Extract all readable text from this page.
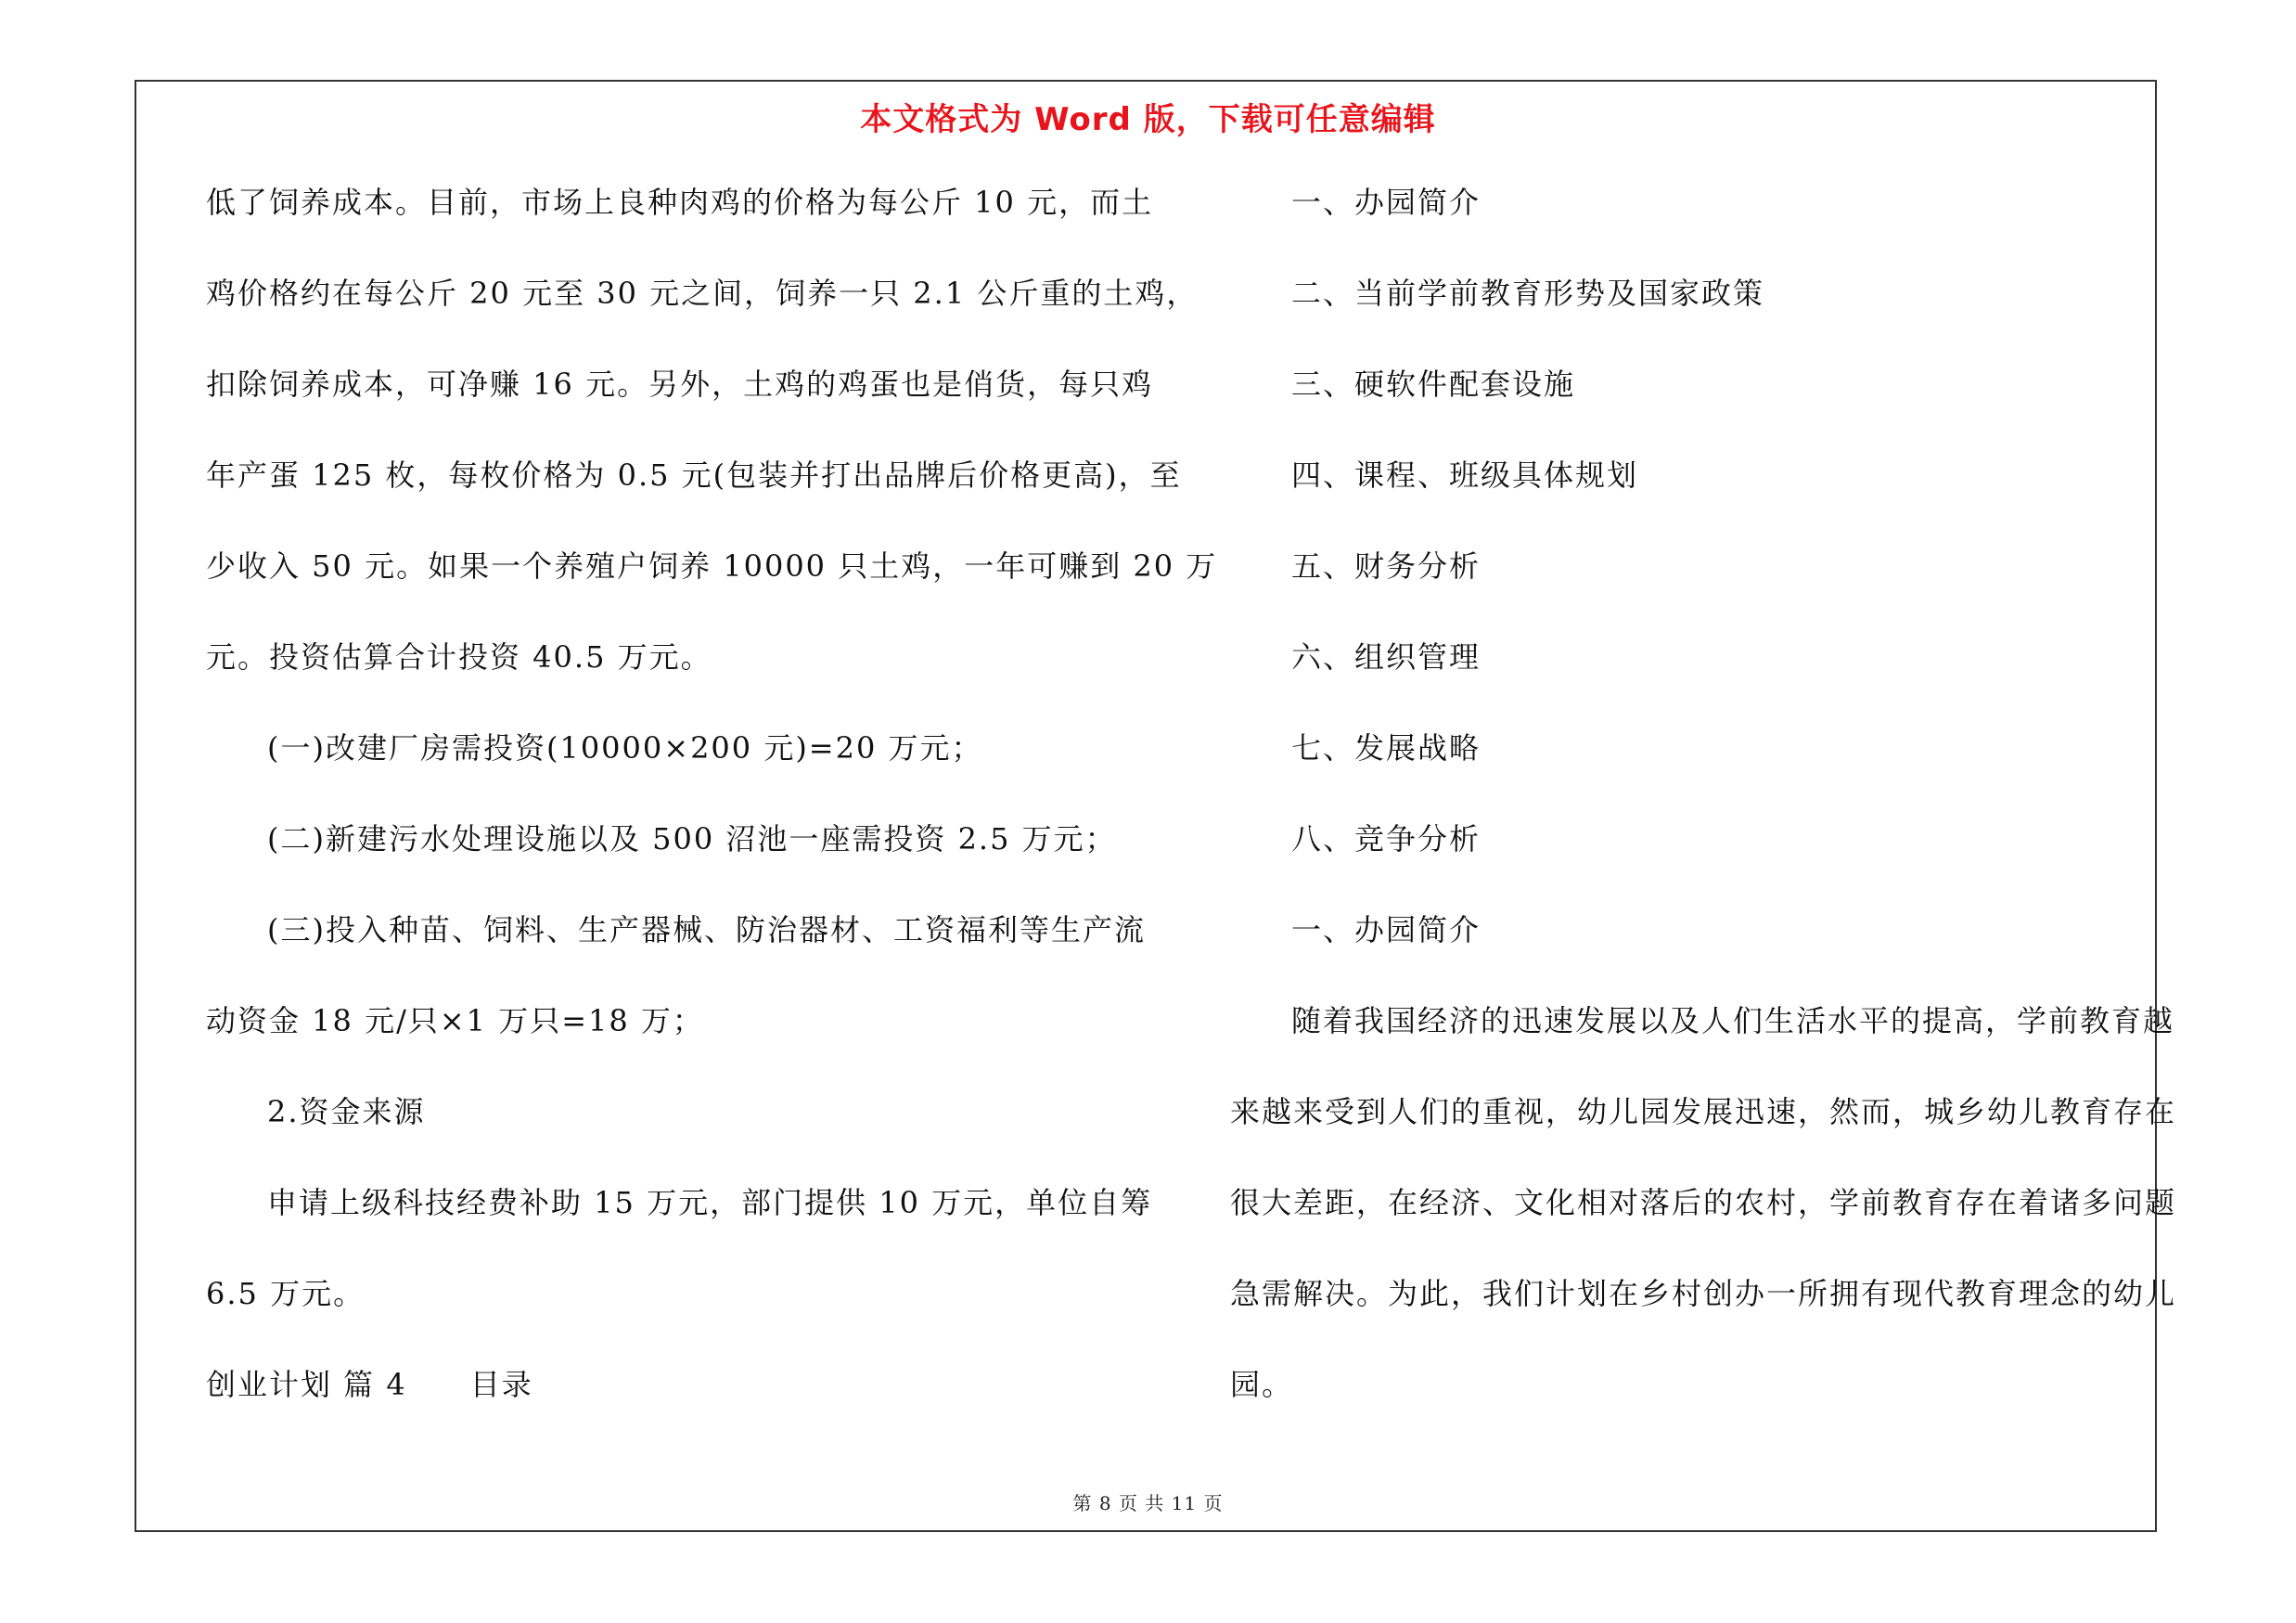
本文格式为 Word 版，下载可任意编辑
低了饲养成本。目前，市场上良种肉鸡的价格为每公斤 10 元，而土
鸡价格约在每公斤 20 元至 30 元之间，饲养一只 2.1 公斤重的土鸡，
扣除饲养成本，可净赚 16 元。另外，土鸡的鸡蛋也是俏货，每只鸡
年产蛋 125 枚，每枚价格为 0.5 元(包装并打出品牌后价格更高)，至
少收入 50 元。如果一个养殖户饲养 10000 只土鸡，一年可赚到 20 万
元。投资估算合计投资 40.5 万元。
(一)改建厂房需投资(10000×200 元)=20 万元；
(二)新建污水处理设施以及 500 沼池一座需投资 2.5 万元；
(三)投入种苗、饲料、生产器械、防治器材、工资福利等生产流
动资金 18 元/只×1 万只=18 万；
2.资金来源
申请上级科技经费补助 15 万元，部门提供 10 万元，单位自筹
6.5 万元。
创业计划 篇 4 目录
一、办园简介
二、当前学前教育形势及国家政策
三、硬软件配套设施
四、课程、班级具体规划
五、财务分析
六、组织管理
七、发展战略
八、竞争分析
一、办园简介
随着我国经济的迅速发展以及人们生活水平的提高，学前教育越
来越来受到人们的重视，幼儿园发展迅速，然而，城乡幼儿教育存在
很大差距，在经济、文化相对落后的农村，学前教育存在着诸多问题
急需解决。为此，我们计划在乡村创办一所拥有现代教育理念的幼儿
园。
第 8 页 共 11 页
